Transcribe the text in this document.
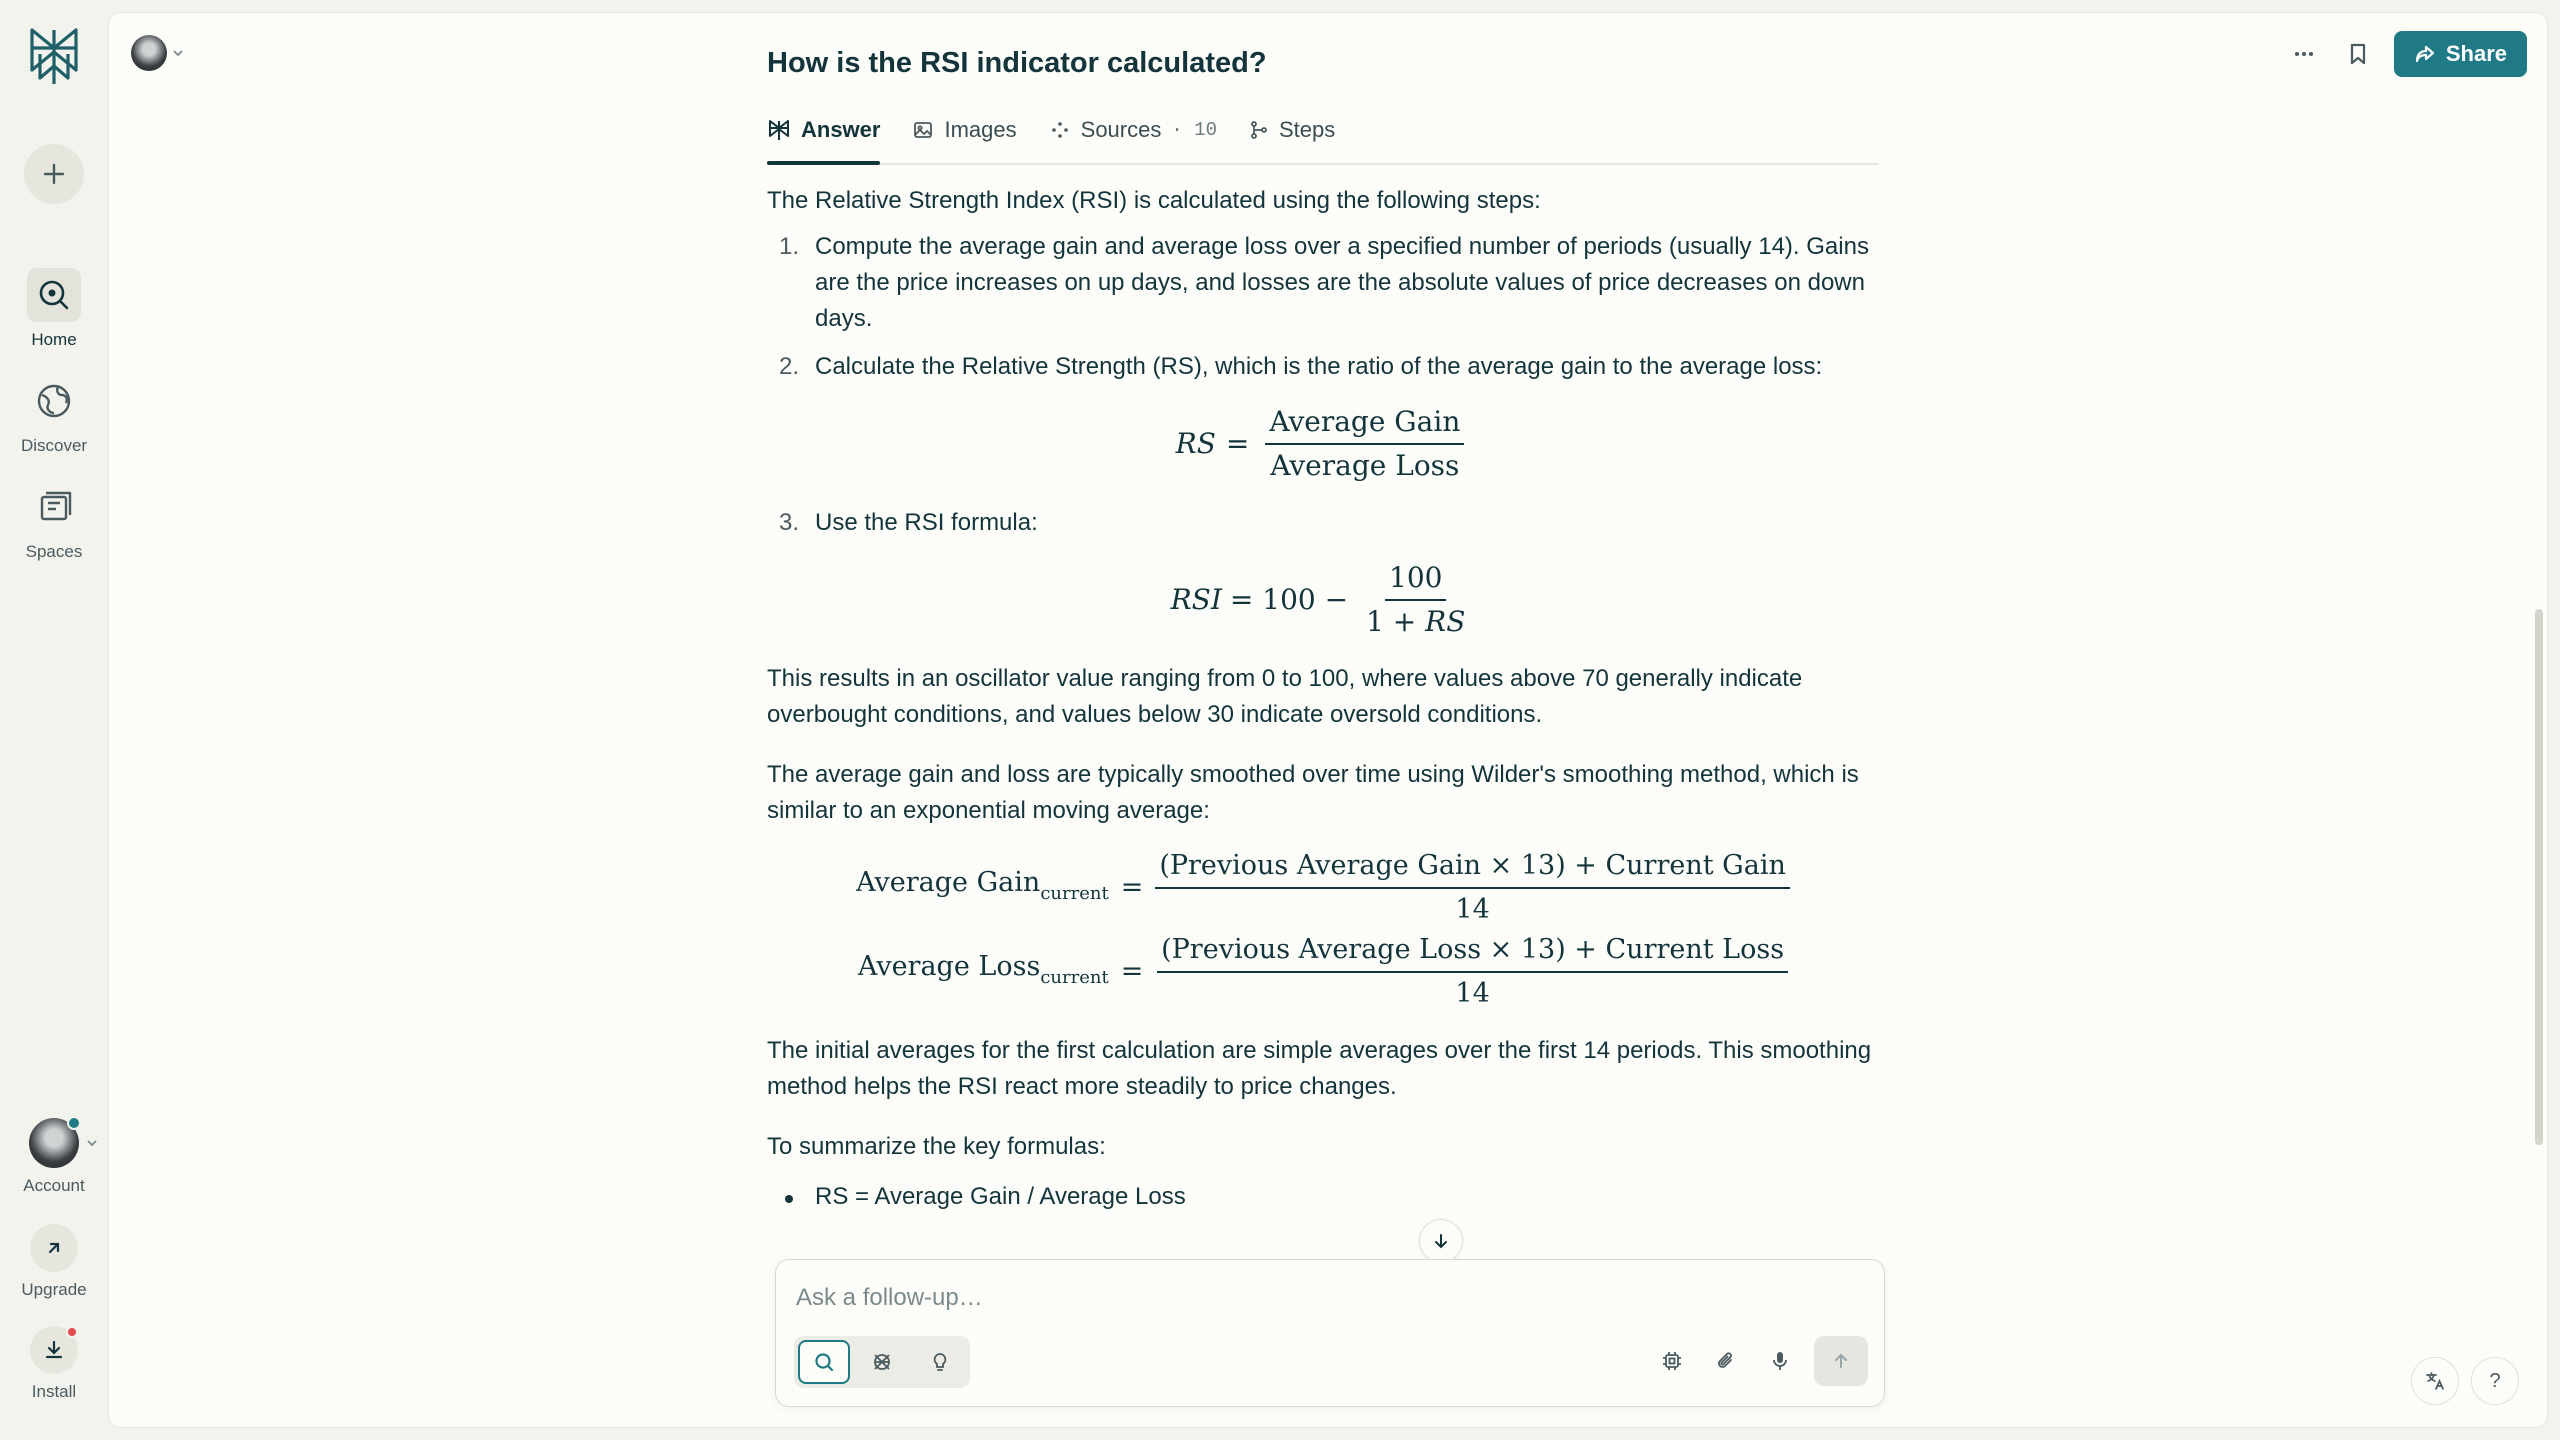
Home
Discover
Spaces
Account
Upgrade
Install
How is the RSI indicator calculated?	Share
Answer	Images	Sources · 10	Steps

The Relative Strength Index (RSI) is calculated using the following steps:

1. Compute the average gain and average loss over a specified number of periods (usually 14). Gains are the price increases on up days, and losses are the absolute values of price decreases on down days.
2. Calculate the Relative Strength (RS), which is the ratio of the average gain to the average loss:
RS = $\frac{\text{Average Gain}}{\text{Average Loss}}$
3. Use the RSI formula:
RSI = $100 - \frac{100}{1 + RS}$

This results in an oscillator value ranging from 0 to 100, where values above 70 generally indicate overbought conditions, and values below 30 indicate oversold conditions.

The average gain and loss are typically smoothed over time using Wilder's smoothing method, which is similar to an exponential moving average:

Average Gain$_{current}$ = $\frac{\text{(Previous Average Gain × 13) + Current Gain}}{14}$
Average Loss$_{current}$ = $\frac{\text{(Previous Average Loss × 13) + Current Loss}}{14}$

The initial averages for the first calculation are simple averages over the first 14 periods. This smoothing method helps the RSI react more steadily to price changes.

To summarize the key formulas:

RS = Average Gain / Average Loss
Ask a follow-up…
?
